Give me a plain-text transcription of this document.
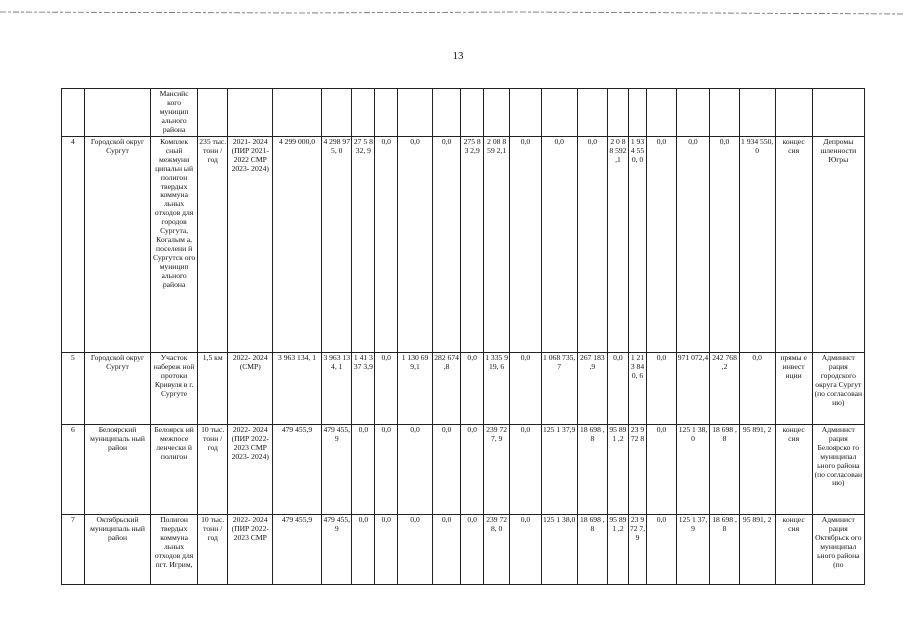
13
		Мансийс кого муницип ального района																					
4	Городской округ Сургут	Комплек сный межмуни ципальн ый полигон твердых коммуна льных отходов для городов Сургута, Когалым а, поселени й Сургутск ого муницип ального района	235 тыс. тонн /год	2021- 2024 (ПИР 2021- 2022 СМР 2023- 2024)	4 299 000,0	4 298 975, 0	27 5 8 32, 9	0,0	0,0	0,0	275 83 2,9	2 08 8 59 2,1	0,0	0,0	0,0	2 0 88 592 ,1	1 93 4 55 0, 0	0,0	0,0	0,0	1 934 550,0	концес сия	Депромы шленности Югры
5	Городской округ Сургут	Участок набереж ной протоки Кривуля в г. Сургуте	1,5 км	2022- 2024 (СМР)	3 963 134, 1	3 963 134, 1	1 41 3 37 3,9	0,0	1 130 699,1	282 674 ,8	0,0	1 335 919, 6	0,0	1 068 735,7	267 183 ,9	0,0	1 21 3 84 0, 6	0,0	971 072,4	242 768 ,2	0,0	прямы е инвест иции	Админист рация городского округа Сургут (по согласован ию)
6	Белоярский муниципаль ный район	Белоярск ий межпосе ленчески й полигон	10 тыс. тонн /год	2022- 2024 (ПИР 2022- 2023 СМР 2023- 2024)	479 455,9	479 455, 9	0,0	0,0	0,0	0,0	0,0	239 727, 9	0,0	125 1 37,9	18 698 ,8	95 891 ,2	23 9 72 8	0,0	125 1 38,0	18 698 ,8	95 891, 2	концес сия	Админист рация Белоярско го муниципал ьного района (по согласован ию)
7	Октябрьский муниципаль ный район	Полигон твердых коммуна льных отходов для пгт. Игрим,	10 тыс. тонн /год	2022- 2024 (ПИР 2022- 2023 СМР	479 455,9	479 455, 9	0,0	0,0	0,0	0,0	0,0	239 728, 0	0,0	125 1 38,0	18 698 ,8	95 891 ,2	23 9 72 7, 9	0,0	125 1 37,9	18 698 ,8	95 891, 2	концес сия	Админист рация Октябрьск ого муниципал ьного района (по
